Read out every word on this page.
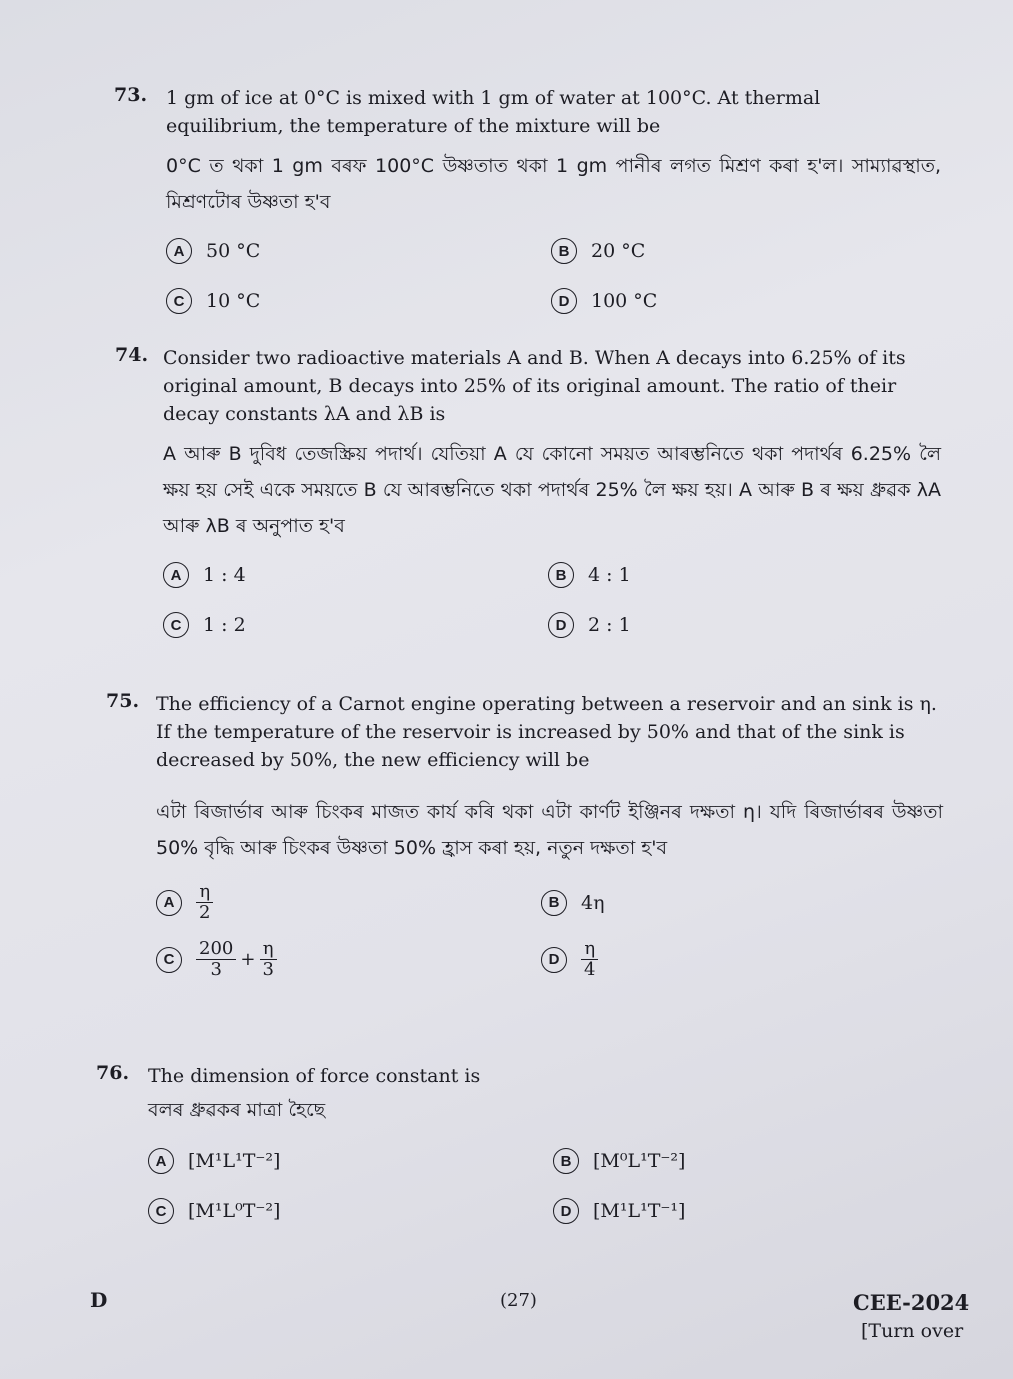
73. 1 gm of ice at 0°C is mixed with 1 gm of water at 100°C. At thermal equilibrium, the temperature of the mixture will be
0°C ত থকা 1 gm বৰফ 100°C উষ্ণতাত থকা 1 gm পানীৰ লগত মিশ্ৰণ কৰা হ'ল। সাম্যাৱস্থাত, মিশ্ৰণটোৰ উষ্ণতা হ'ব
A	50 °C	B	20 °C
C	10 °C	D	100 °C
74. Consider two radioactive materials A and B. When A decays into 6.25% of its original amount, B decays into 25% of its original amount. The ratio of their decay constants λA and λB is
A আৰু B দুবিধ তেজস্ক্ৰিয় পদাৰ্থ। যেতিয়া A যে কোনো সময়ত আৰম্ভনিতে থকা পদাৰ্থৰ 6.25% লৈ ক্ষয় হয় সেই একে সময়তে B যে আৰম্ভনিতে থকা পদাৰ্থৰ 25% লৈ ক্ষয় হয়। A আৰু B ৰ ক্ষয় ধ্ৰুৱক λA আৰু λB ৰ অনুপাত হ'ব
A	1 : 4	B	4 : 1
C	1 : 2	D	2 : 1
75. The efficiency of a Carnot engine operating between a reservoir and an sink is η. If the temperature of the reservoir is increased by 50% and that of the sink is decreased by 50%, the new efficiency will be
এটা ৰিজাৰ্ভাৰ আৰু চিংকৰ মাজত কাৰ্য কৰি থকা এটা কাৰ্ণট ইঞ্জিনৰ দক্ষতা η। যদি ৰিজাৰ্ভাৰৰ উষ্ণতা 50% বৃদ্ধি আৰু চিংকৰ উষ্ণতা 50% হ্ৰাস কৰা হয়, নতুন দক্ষতা হ'ব
A	$\frac{\eta}{2}$	B	4η
C	$\frac{200}{3} + \frac{\eta}{3}$	D	$\frac{\eta}{4}$
76. The dimension of force constant is
বলৰ ধ্ৰুৱকৰ মাত্ৰা হৈছে
A	[M¹L¹T⁻²]	B	[M⁰L¹T⁻²]
C	[M¹L⁰T⁻²]	D	[M¹L¹T⁻¹]
D	(27)	CEE-2024
[Turn over
